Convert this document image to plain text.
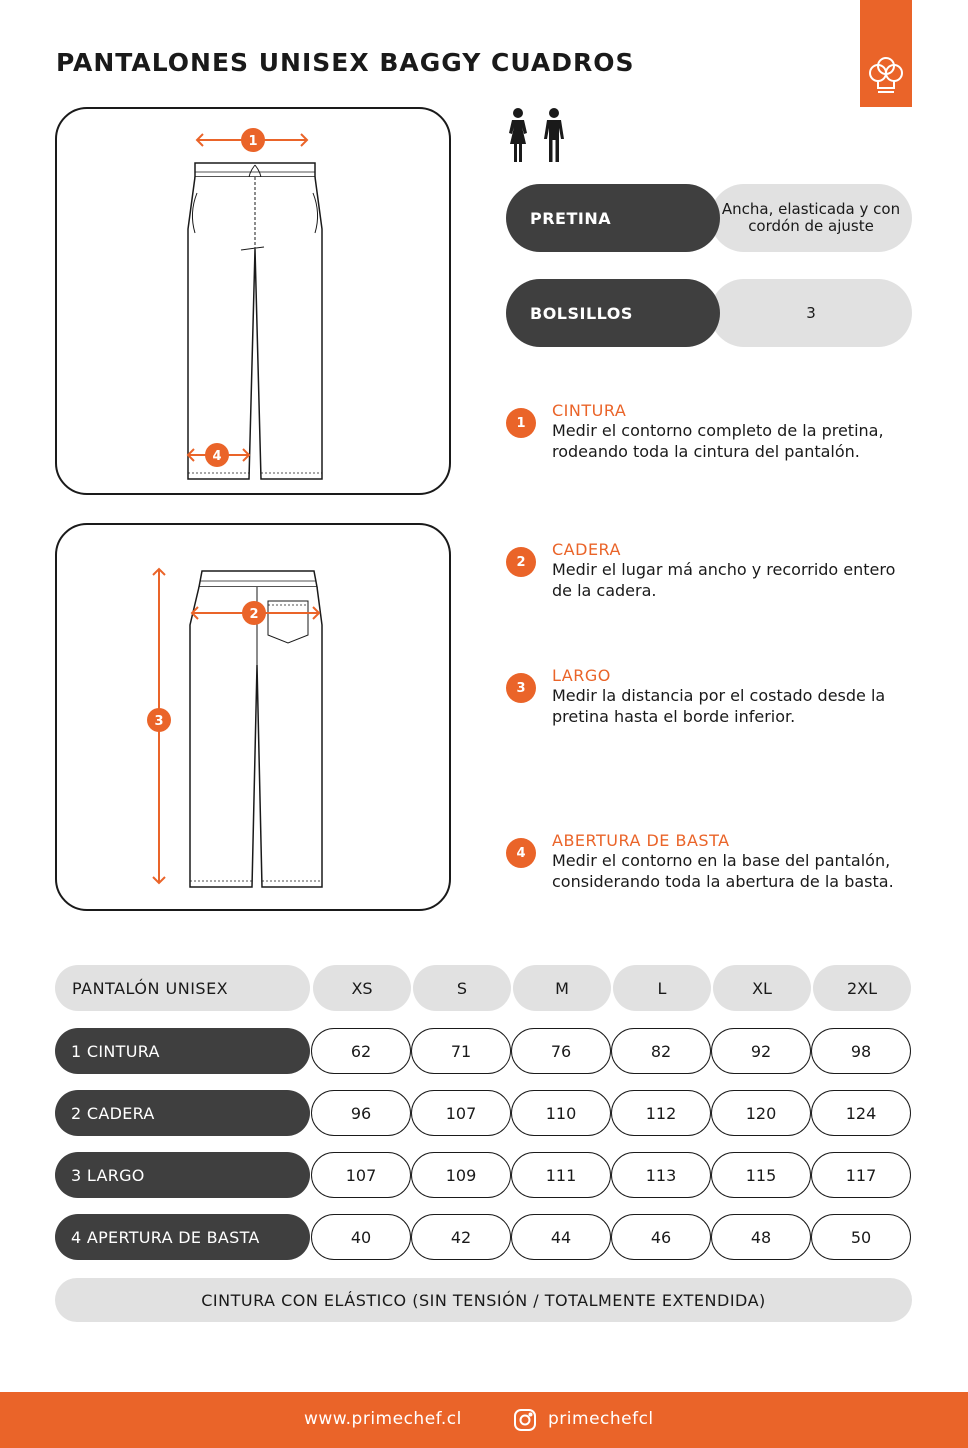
PANTALONES UNISEX BAGGY CUADROS
1
4
2
3
Ancha, elasticada y con cordón de ajuste
PRETINA
3
BOLSILLOS
1
CINTURA
Medir el contorno completo de la pretina, rodeando toda la cintura del pantalón.
2
CADERA
Medir el lugar má ancho y recorrido entero de la cadera.
3
LARGO
Medir la distancia por el costado desde la pretina hasta el borde inferior.
4
ABERTURA DE BASTA
Medir el contorno en la base del pantalón, considerando toda la abertura de la basta.
PANTALÓN UNISEX	XS	S	M	L	XL	2XL
1 CINTURA	62	71	76	82	92	98
2 CADERA	96	107	110	112	120	124
3 LARGO	107	109	111	113	115	117
4 APERTURA DE BASTA	40	42	44	46	48	50
CINTURA CON ELÁSTICO (SIN TENSIÓN / TOTALMENTE EXTENDIDA)
www.primechef.cl	primechefcl
